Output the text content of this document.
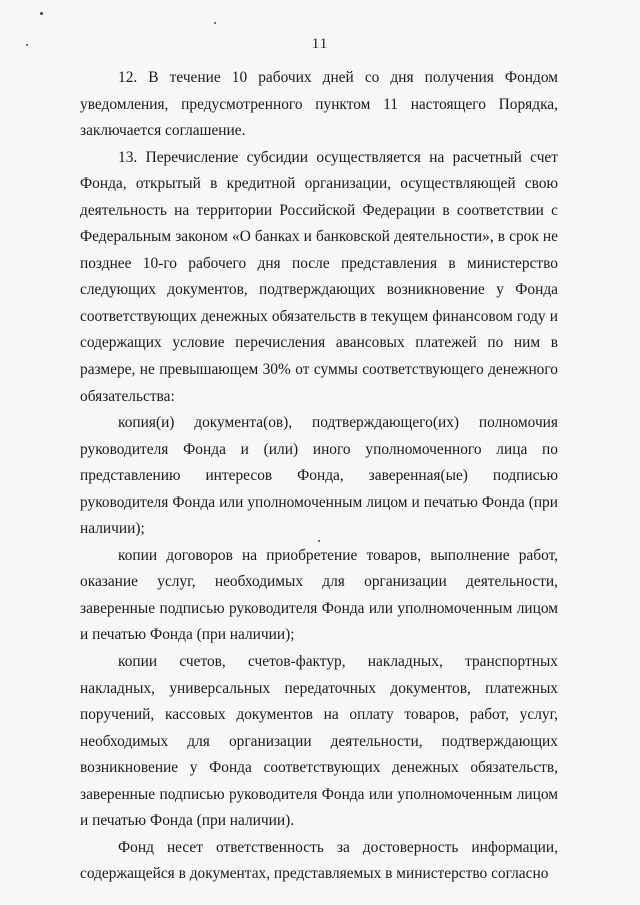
11

12. В течение 10 рабочих дней со дня получения Фондом уведомления, предусмотренного пунктом 11 настоящего Порядка, заключается соглашение.

13. Перечисление субсидии осуществляется на расчетный счет Фонда, открытый в кредитной организации, осуществляющей свою деятельность на территории Российской Федерации в соответствии с Федеральным законом «О банках и банковской деятельности», в срок не позднее 10-го рабочего дня после представления в министерство следующих документов, подтверждающих возникновение у Фонда соответствующих денежных обязательств в текущем финансовом году и содержащих условие перечисления авансовых платежей по ним в размере, не превышающем 30% от суммы соответствующего денежного обязательства:

копия(и) документа(ов), подтверждающего(их) полномочия руководителя Фонда и (или) иного уполномоченного лица по представлению интересов Фонда, заверенная(ые) подписью руководителя Фонда или уполномоченным лицом и печатью Фонда (при наличии);

копии договоров на приобретение товаров, выполнение работ, оказание услуг, необходимых для организации деятельности, заверенные подписью руководителя Фонда или уполномоченным лицом и печатью Фонда (при наличии);

копии счетов, счетов-фактур, накладных, транспортных накладных, универсальных передаточных документов, платежных поручений, кассовых документов на оплату товаров, работ, услуг, необходимых для организации деятельности, подтверждающих возникновение у Фонда соответствующих денежных обязательств, заверенные подписью руководителя Фонда или уполномоченным лицом и печатью Фонда (при наличии).

Фонд несет ответственность за достоверность информации, содержащейся в документах, представляемых в министерство согласно
